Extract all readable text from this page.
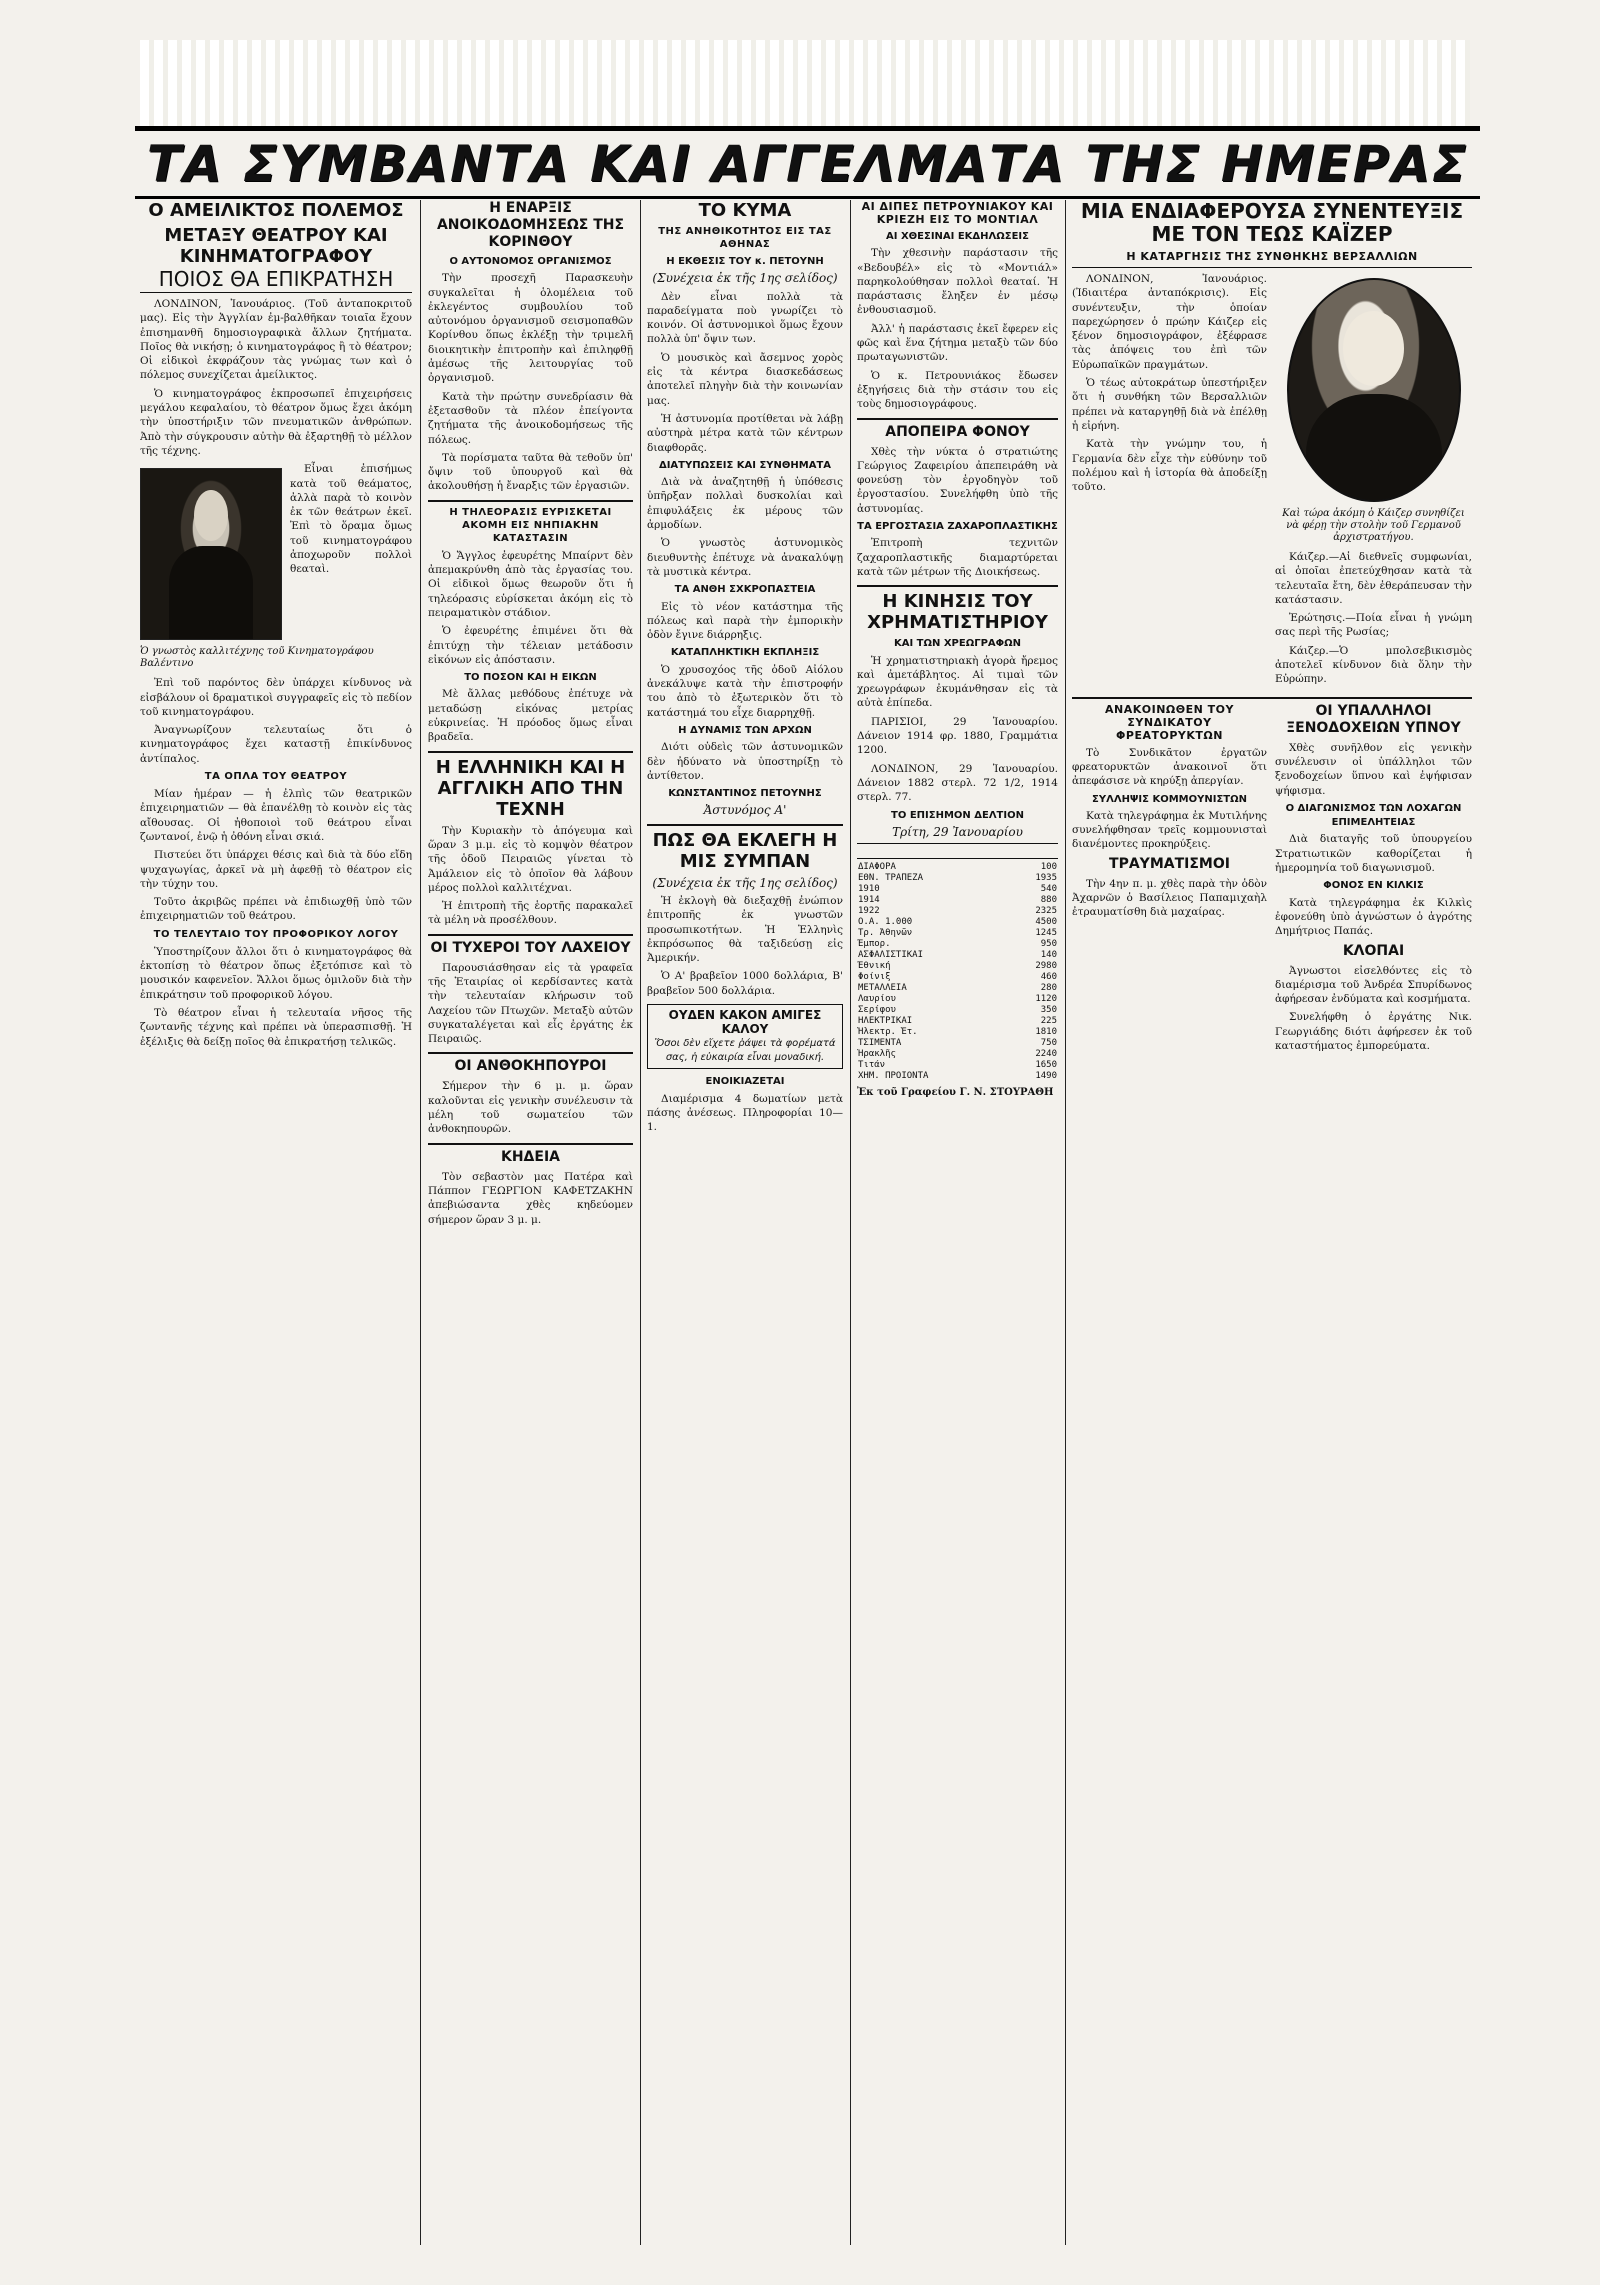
ΤΑ ΣΥΜΒΑΝΤΑ ΚΑΙ ΑΓΓΕΛΜΑΤΑ ΤΗΣ ΗΜΕΡΑΣ
Ο ΑΜΕΙΛΙΚΤΟΣ ΠΟΛΕΜΟΣ
ΜΕΤΑΞΥ ΘΕΑΤΡΟΥ ΚΑΙ ΚΙΝΗΜΑΤΟΓΡΑΦΟΥ
ΠΟΙΟΣ ΘΑ ΕΠΙΚΡΑΤΗΣΗ

ΛΟΝΔΙΝΟΝ, Ἰανουάριος. (Τοῦ ἀνταποκριτοῦ μας). Εἰς τὴν Ἀγγλίαν ἐμ-βαλθῆκαν τοιαῖα ἔχουν ἐπισημανθῆ δημοσιογραφικὰ ἄλλων ζητήματα. Ποῖος θὰ νικήσῃ; ὁ κινηματογράφος ἢ τὸ θέατρον; Οἱ εἰδικοὶ ἐκφράζουν τὰς γνώμας των καὶ ὁ πόλεμος συνεχίζεται ἀμείλικτος.

Ὁ κινηματογράφος ἐκπροσωπεῖ ἐπιχειρήσεις μεγάλου κεφαλαίου, τὸ θέατρον ὅμως ἔχει ἀκόμη τὴν ὑποστήριξιν τῶν πνευματικῶν ἀνθρώπων. Ἀπὸ τὴν σύγκρουσιν αὐτὴν θὰ ἐξαρτηθῇ τὸ μέλλον τῆς τέχνης.

Εἶναι ἐπισήμως κατὰ τοῦ θεάματος, ἀλλὰ παρὰ τὸ κοινὸν ἐκ τῶν θεάτρων ἐκεῖ. Ἐπὶ τὸ ὅραμα ὅμως τοῦ κινηματογράφου ἀποχωροῦν πολλοὶ θεαταὶ.

Ὁ γνωστὸς καλλιτέχνης τοῦ Κινηματογράφου Βαλέντινο

Ἐπὶ τοῦ παρόντος δὲν ὑπάρχει κίνδυνος νὰ εἰσβάλουν οἱ δραματικοὶ συγγραφεῖς εἰς τὸ πεδίον τοῦ κινηματογράφου.

Ἀναγνωρίζουν τελευταίως ὅτι ὁ κινηματογράφος ἔχει καταστῇ ἐπικίνδυνος ἀντίπαλος.

ΤΑ ΟΠΛΑ ΤΟΥ ΘΕΑΤΡΟΥ

Μίαν ἡμέραν — ἡ ἐλπὶς τῶν θεατρικῶν ἐπιχειρηματιῶν — θὰ ἐπανέλθῃ τὸ κοινὸν εἰς τὰς αἴθουσας. Οἱ ἠθοποιοὶ τοῦ θεάτρου εἶναι ζωντανοί, ἐνῷ ἡ ὀθόνη εἶναι σκιά.

Πιστεύει ὅτι ὑπάρχει θέσις καὶ διὰ τὰ δύο εἴδη ψυχαγωγίας, ἀρκεῖ νὰ μὴ ἀφεθῇ τὸ θέατρον εἰς τὴν τύχην του.

Τοῦτο ἀκριβῶς πρέπει νὰ ἐπιδιωχθῇ ὑπὸ τῶν ἐπιχειρηματιῶν τοῦ θεάτρου.

ΤΟ ΤΕΛΕΥΤΑΙΟ ΤΟΥ ΠΡΟΦΟΡΙΚΟΥ ΛΟΓΟΥ

Ὑποστηρίζουν ἄλλοι ὅτι ὁ κινηματογράφος θὰ ἐκτοπίσῃ τὸ θέατρον ὅπως ἐξετόπισε καὶ τὸ μουσικόν καφενεῖον. Ἄλλοι ὅμως ὁμιλοῦν διὰ τὴν ἐπικράτησιν τοῦ προφορικοῦ λόγου.

Τὸ θέατρον εἶναι ἡ τελευταία νῆσος τῆς ζωντανῆς τέχνης καὶ πρέπει νὰ ὑπερασπισθῇ. Ἡ ἐξέλιξις θὰ δείξῃ ποῖος θὰ ἐπικρατήσῃ τελικῶς.

Η ΕΝΑΡΞΙΣ ΑΝΟΙΚΟΔΟΜΗΣΕΩΣ ΤΗΣ ΚΟΡΙΝΘΟΥ
Ο ΑΥΤΟΝΟΜΟΣ ΟΡΓΑΝΙΣΜΟΣ

Τὴν προσεχῆ Παρασκευὴν συγκαλεῖται ἡ ὁλομέλεια τοῦ ἐκλεγέντος συμβουλίου τοῦ αὐτονόμου ὀργανισμοῦ σεισμοπαθῶν Κορίνθου ὅπως ἐκλέξῃ τὴν τριμελῆ διοικητικὴν ἐπιτροπὴν καὶ ἐπιληφθῇ ἀμέσως τῆς λειτουργίας τοῦ ὀργανισμοῦ.

Κατὰ τὴν πρώτην συνεδρίασιν θὰ ἐξετασθοῦν τὰ πλέον ἐπείγοντα ζητήματα τῆς ἀνοικοδομήσεως τῆς πόλεως.

Τὰ πορίσματα ταῦτα θὰ τεθοῦν ὑπ' ὄψιν τοῦ ὑπουργοῦ καὶ θὰ ἀκολουθήσῃ ἡ ἔναρξις τῶν ἐργασιῶν.

Η ΤΗΛΕΟΡΑΣΙΣ ΕΥΡΙΣΚΕΤΑΙ ΑΚΟΜΗ ΕΙΣ ΝΗΠΙΑΚΗΝ ΚΑΤΑΣΤΑΣΙΝ

Ὁ Ἄγγλος ἐφευρέτης Μπαίρντ δὲν ἀπεμακρύνθη ἀπὸ τὰς ἐργασίας του. Οἱ εἰδικοὶ ὅμως θεωροῦν ὅτι ἡ τηλεόρασις εὑρίσκεται ἀκόμη εἰς τὸ πειραματικὸν στάδιον.

Ὁ ἐφευρέτης ἐπιμένει ὅτι θὰ ἐπιτύχῃ τὴν τέλειαν μετάδοσιν εἰκόνων εἰς ἀπόστασιν.

ΤΟ ΠΟΣΟΝ ΚΑΙ Η ΕΙΚΩΝ

Μὲ ἄλλας μεθόδους ἐπέτυχε νὰ μεταδώσῃ εἰκόνας μετρίας εὐκρινείας. Ἡ πρόοδος ὅμως εἶναι βραδεῖα.

Η ΕΛΛΗΝΙΚΗ ΚΑΙ Η ΑΓΓΛΙΚΗ ΑΠΟ ΤΗΝ ΤΕΧΝΗ

Τὴν Κυριακὴν τὸ ἀπόγευμα καὶ ὥραν 3 μ.μ. εἰς τὸ κομψὸν θέατρον τῆς ὁδοῦ Πειραιῶς γίνεται τὸ Ἀμάλειον εἰς τὸ ὁποῖον θὰ λάβουν μέρος πολλοὶ καλλιτέχναι.

Ἡ ἐπιτροπὴ τῆς ἑορτῆς παρακαλεῖ τὰ μέλη νὰ προσέλθουν.

ΟΙ ΤΥΧΕΡΟΙ ΤΟΥ ΛΑΧΕΙΟΥ

Παρουσιάσθησαν εἰς τὰ γραφεῖα τῆς Ἑταιρίας οἱ κερδίσαντες κατὰ τὴν τελευταίαν κλήρωσιν τοῦ Λαχείου τῶν Πτωχῶν. Μεταξὺ αὐτῶν συγκαταλέγεται καὶ εἷς ἐργάτης ἐκ Πειραιῶς.

ΟΙ ΑΝΘΟΚΗΠΟΥΡΟΙ

Σήμερον τὴν 6 μ. μ. ὥραν καλοῦνται εἰς γενικὴν συνέλευσιν τὰ μέλη τοῦ σωματείου τῶν ἀνθοκηπουρῶν.

ΚΗΔΕΙΑ

Τὸν σεβαστὸν μας Πατέρα καὶ Πάππον ΓΕΩΡΓΙΟΝ ΚΑΦΕΤΖΑΚΗΝ ἀπεβιώσαντα χθὲς κηδεύομεν σήμερον ὥραν 3 μ. μ.

ΤΟ ΚΥΜΑ
ΤΗΣ ΑΝΗΘΙΚΟΤΗΤΟΣ ΕΙΣ ΤΑΣ ΑΘΗΝΑΣ
Η ΕΚΘΕΣΙΣ ΤΟΥ κ. ΠΕΤΟΥΝΗ
(Συνέχεια ἐκ τῆς 1ης σελίδος)

Δὲν εἶναι πολλὰ τὰ παραδείγματα ποὺ γνωρίζει τὸ κοινόν. Οἱ ἀστυνομικοὶ ὅμως ἔχουν πολλὰ ὑπ' ὄψιν των.

Ὁ μουσικὸς καὶ ἄσεμνος χορὸς εἰς τὰ κέντρα διασκεδάσεως ἀποτελεῖ πληγὴν διὰ τὴν κοινωνίαν μας.

Ἡ ἀστυνομία προτίθεται νὰ λάβῃ αὐστηρὰ μέτρα κατὰ τῶν κέντρων διαφθορᾶς.

ΔΙΑΤΥΠΩΣΕΙΣ ΚΑΙ ΣΥΝΘΗΜΑΤΑ

Διὰ νὰ ἀναζητηθῇ ἡ ὑπόθεσις ὑπῆρξαν πολλαὶ δυσκολίαι καὶ ἐπιφυλάξεις ἐκ μέρους τῶν ἀρμοδίων.

Ὁ γνωστὸς ἀστυνομικὸς διευθυντὴς ἐπέτυχε νὰ ἀνακαλύψῃ τὰ μυστικὰ κέντρα.

ΤΑ ΑΝΘΗ ΣΧΚΡΟΠΑΣΤΕΙΑ

Εἰς τὸ νέον κατάστημα τῆς πόλεως καὶ παρὰ τὴν ἐμπορικὴν ὁδὸν ἔγινε διάρρηξις.

ΚΑΤΑΠΛΗΚΤΙΚΗ ΕΚΠΛΗΞΙΣ

Ὁ χρυσοχόος τῆς ὁδοῦ Αἰόλου ἀνεκάλυψε κατὰ τὴν ἐπιστροφήν του ἀπὸ τὸ ἐξωτερικὸν ὅτι τὸ κατάστημά του εἶχε διαρρηχθῇ.

Η ΔΥΝΑΜΙΣ ΤΩΝ ΑΡΧΩΝ

Διότι οὐδεὶς τῶν ἀστυνομικῶν δὲν ἠδύνατο νὰ ὑποστηρίξῃ τὸ ἀντίθετον.

ΚΩΝΣΤΑΝΤΙΝΟΣ ΠΕΤΟΥΝΗΣ
Ἀστυνόμος Α'
ΠΩΣ ΘΑ ΕΚΛΕΓΗ Η ΜΙΣ ΣΥΜΠΑΝ
(Συνέχεια ἐκ τῆς 1ης σελίδος)

Ἡ ἐκλογὴ θὰ διεξαχθῇ ἐνώπιον ἐπιτροπῆς ἐκ γνωστῶν προσωπικοτήτων. Ἡ Ἑλληνὶς ἐκπρόσωπος θὰ ταξιδεύσῃ εἰς Ἀμερικήν.

Ὁ Α' βραβεῖον 1000 δολλάρια, Β' βραβεῖον 500 δολλάρια.

ΟΥΔΕΝ ΚΑΚΟΝ ΑΜΙΓΕΣ ΚΑΛΟΥ
Ὅσοι δὲν εἴχετε ῥάψει τὰ φορέματά σας, ἡ εὐκαιρία εἶναι μοναδική.
ΕΝΟΙΚΙΑΖΕΤΑΙ

Διαμέρισμα 4 δωματίων μετὰ πάσης ἀνέσεως. Πληροφορίαι 10—1.

ΑΙ ΔΙΠΕΣ ΠΕΤΡΟΥΝΙΑΚΟΥ ΚΑΙ ΚΡΙΕΖΗ ΕΙΣ ΤΟ ΜΟΝΤΙΑΛ
ΑΙ ΧΘΕΣΙΝΑΙ ΕΚΔΗΛΩΣΕΙΣ

Τὴν χθεσινὴν παράστασιν τῆς «Βεδουβέλ» εἰς τὸ «Μοντιάλ» παρηκολούθησαν πολλοὶ θεαταί. Ἡ παράστασις ἔληξεν ἐν μέσῳ ἐνθουσιασμοῦ.

Ἀλλ' ἡ παράστασις ἐκεῖ ἔφερεν εἰς φῶς καὶ ἕνα ζήτημα μεταξὺ τῶν δύο πρωταγωνιστῶν.

Ὁ κ. Πετρουνιάκος ἔδωσεν ἐξηγήσεις διὰ τὴν στάσιν του εἰς τοὺς δημοσιογράφους.

ΑΠΟΠΕΙΡΑ ΦΟΝΟΥ

Χθὲς τὴν νύκτα ὁ στρατιώτης Γεώργιος Ζαφειρίου ἀπεπειράθη νὰ φονεύσῃ τὸν ἐργοδηγὸν τοῦ ἐργοστασίου. Συνελήφθη ὑπὸ τῆς ἀστυνομίας.

ΤΑ ΕΡΓΟΣΤΑΣΙΑ ΖΑΧΑΡΟΠΛΑΣΤΙΚΗΣ

Ἐπιτροπὴ τεχνιτῶν ζαχαροπλαστικῆς διαμαρτύρεται κατὰ τῶν μέτρων τῆς Διοικήσεως.

Η ΚΙΝΗΣΙΣ ΤΟΥ ΧΡΗΜΑΤΙΣΤΗΡΙΟΥ
ΚΑΙ ΤΩΝ ΧΡΕΩΓΡΑΦΩΝ

Ἡ χρηματιστηριακὴ ἀγορὰ ἤρεμος καὶ ἀμετάβλητος. Αἱ τιμαὶ τῶν χρεωγράφων ἐκυμάνθησαν εἰς τὰ αὐτὰ ἐπίπεδα.

ΠΑΡΙΣΙΟΙ, 29 Ἰανουαρίου. Δάνειον 1914 φρ. 1880, Γραμμάτια 1200.

ΛΟΝΔΙΝΟΝ, 29 Ἰανουαρίου. Δάνειον 1882 στερλ. 72 1/2, 1914 στερλ. 77.

ΤΟ ΕΠΙΣΗΜΟΝ ΔΕΛΤΙΟΝ
Τρίτη, 29 Ἰανουαρίου

ΔΙΑΦΟΡΑ	100
ΕΘΝ. ΤΡΑΠΕΖΑ	1935
1910	540
1914	880
1922	2325
Ο.Α. 1.000	4500
Τρ. Ἀθηνῶν	1245
Ἐμπορ.	950
ΑΣΦΑΛΙΣΤΙΚΑΙ	140
Ἐθνική	2980
Φοίνιξ	460
ΜΕΤΑΛΛΕΙΑ	280
Λαυρίου	1120
Σερίφου	350
ΗΛΕΚΤΡΙΚΑΙ	225
Ἡλεκτρ. Ἑτ.	1810
ΤΣΙΜΕΝΤΑ	750
Ἥρακλῆς	2240
Τιτάν	1650
ΧΗΜ. ΠΡΟΪΟΝΤΑ	1490
Ἐκ τοῦ Γραφείου Γ. Ν. ΣΤΟΥΡΑΘΗ
ΜΙΑ ΕΝΔΙΑΦΕΡΟΥΣΑ ΣΥΝΕΝΤΕΥΞΙΣ ΜΕ ΤΟΝ ΤΕΩΣ ΚΑΪΖΕΡ
Η ΚΑΤΑΡΓΗΣΙΣ ΤΗΣ ΣΥΝΘΗΚΗΣ ΒΕΡΣΑΛΛΙΩΝ

ΛΟΝΔΙΝΟΝ, Ἰανουάριος. (Ἰδιαιτέρα ἀνταπόκρισις). Εἰς συνέντευξιν, τὴν ὁποίαν παρεχώρησεν ὁ πρώην Κάιζερ εἰς ξένον δημοσιογράφον, ἐξέφρασε τὰς ἀπόψεις του ἐπὶ τῶν Εὐρωπαϊκῶν πραγμάτων.

Ὁ τέως αὐτοκράτωρ ὑπεστήριξεν ὅτι ἡ συνθήκη τῶν Βερσαλλιῶν πρέπει νὰ καταργηθῇ διὰ νὰ ἐπέλθῃ ἡ εἰρήνη.

Κατὰ τὴν γνώμην του, ἡ Γερμανία δὲν εἶχε τὴν εὐθύνην τοῦ πολέμου καὶ ἡ ἱστορία θὰ ἀποδείξῃ τοῦτο.

Καὶ τώρα ἀκόμη ὁ Κάιζερ συνηθίζει νὰ φέρῃ τὴν στολὴν τοῦ Γερμανοῦ ἀρχιστρατήγου.

Κάιζερ.—Αἱ διεθνεῖς συμφωνίαι, αἱ ὁποῖαι ἐπετεύχθησαν κατὰ τὰ τελευταῖα ἔτη, δὲν ἐθεράπευσαν τὴν κατάστασιν.

Ἐρώτησις.—Ποία εἶναι ἡ γνώμη σας περὶ τῆς Ρωσίας;

Κάιζερ.—Ὁ μπολσεβικισμὸς ἀποτελεῖ κίνδυνον διὰ ὅλην τὴν Εὐρώπην.

ΑΝΑΚΟΙΝΩΘΕΝ ΤΟΥ ΣΥΝΔΙΚΑΤΟΥ ΦΡΕΑΤΟΡΥΚΤΩΝ

Τὸ Συνδικᾶτον ἐργατῶν φρεατορυκτῶν ἀνακοινοῖ ὅτι ἀπεφάσισε νὰ κηρύξῃ ἀπεργίαν.

ΣΥΛΛΗΨΙΣ ΚΟΜΜΟΥΝΙΣΤΩΝ

Κατὰ τηλεγράφημα ἐκ Μυτιλήνης συνελήφθησαν τρεῖς κομμουνισταὶ διανέμοντες προκηρύξεις.

ΤΡΑΥΜΑΤΙΣΜΟΙ

Τὴν 4ην π. μ. χθὲς παρὰ τὴν ὁδὸν Ἀχαρνῶν ὁ Βασίλειος Παπαμιχαὴλ ἐτραυματίσθη διὰ μαχαίρας.

ΟΙ ΥΠΑΛΛΗΛΟΙ ΞΕΝΟΔΟΧΕΙΩΝ ΥΠΝΟΥ

Χθὲς συνῆλθον εἰς γενικὴν συνέλευσιν οἱ ὑπάλληλοι τῶν ξενοδοχείων ὕπνου καὶ ἐψήφισαν ψήφισμα.

Ο ΔΙΑΓΩΝΙΣΜΟΣ ΤΩΝ ΛΟΧΑΓΩΝ ΕΠΙΜΕΛΗΤΕΙΑΣ

Διὰ διαταγῆς τοῦ ὑπουργείου Στρατιωτικῶν καθορίζεται ἡ ἡμερομηνία τοῦ διαγωνισμοῦ.

ΦΟΝΟΣ ΕΝ ΚΙΛΚΙΣ

Κατὰ τηλεγράφημα ἐκ Κιλκὶς ἐφονεύθη ὑπὸ ἀγνώστων ὁ ἀγρότης Δημήτριος Παπάς.

ΚΛΟΠΑΙ

Ἀγνωστοι εἰσελθόντες εἰς τὸ διαμέρισμα τοῦ Ἀνδρέα Σπυρίδωνος ἀφήρεσαν ἐνδύματα καὶ κοσμήματα.

Συνελήφθη ὁ ἐργάτης Νικ. Γεωργιάδης διότι ἀφήρεσεν ἐκ τοῦ καταστήματος ἐμπορεύματα.
